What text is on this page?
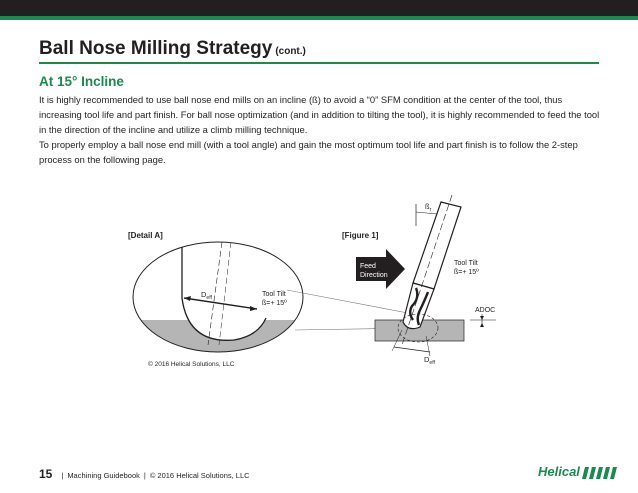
Ball Nose Milling Strategy (cont.)
At 15° Incline

It is highly recommended to use ball nose end mills on an incline (ß) to avoid a “0” SFM condition at the center of the tool, thus increasing tool life and part finish. For ball nose optimization (and in addition to tilting the tool), it is highly recommended to feed the tool in the direction of the incline and utilize a climb milling technique.

To properly employ a ball nose end mill (with a tool angle) and gain the most optimum tool life and part finish is to follow the 2-step process on the following page.

[Detail A]
$D_{eff}$	Tool Tilt
ß=+ 15º
© 2016 Helical Solutions, LLC
[Figure 1]
$ß_r$
Feed
Direction
Tool Tilt
ß=+ 15º
ADOC
$D_{eff}$
15 | Machining Guidebook | © 2016 Helical Solutions, LLC	Helical
